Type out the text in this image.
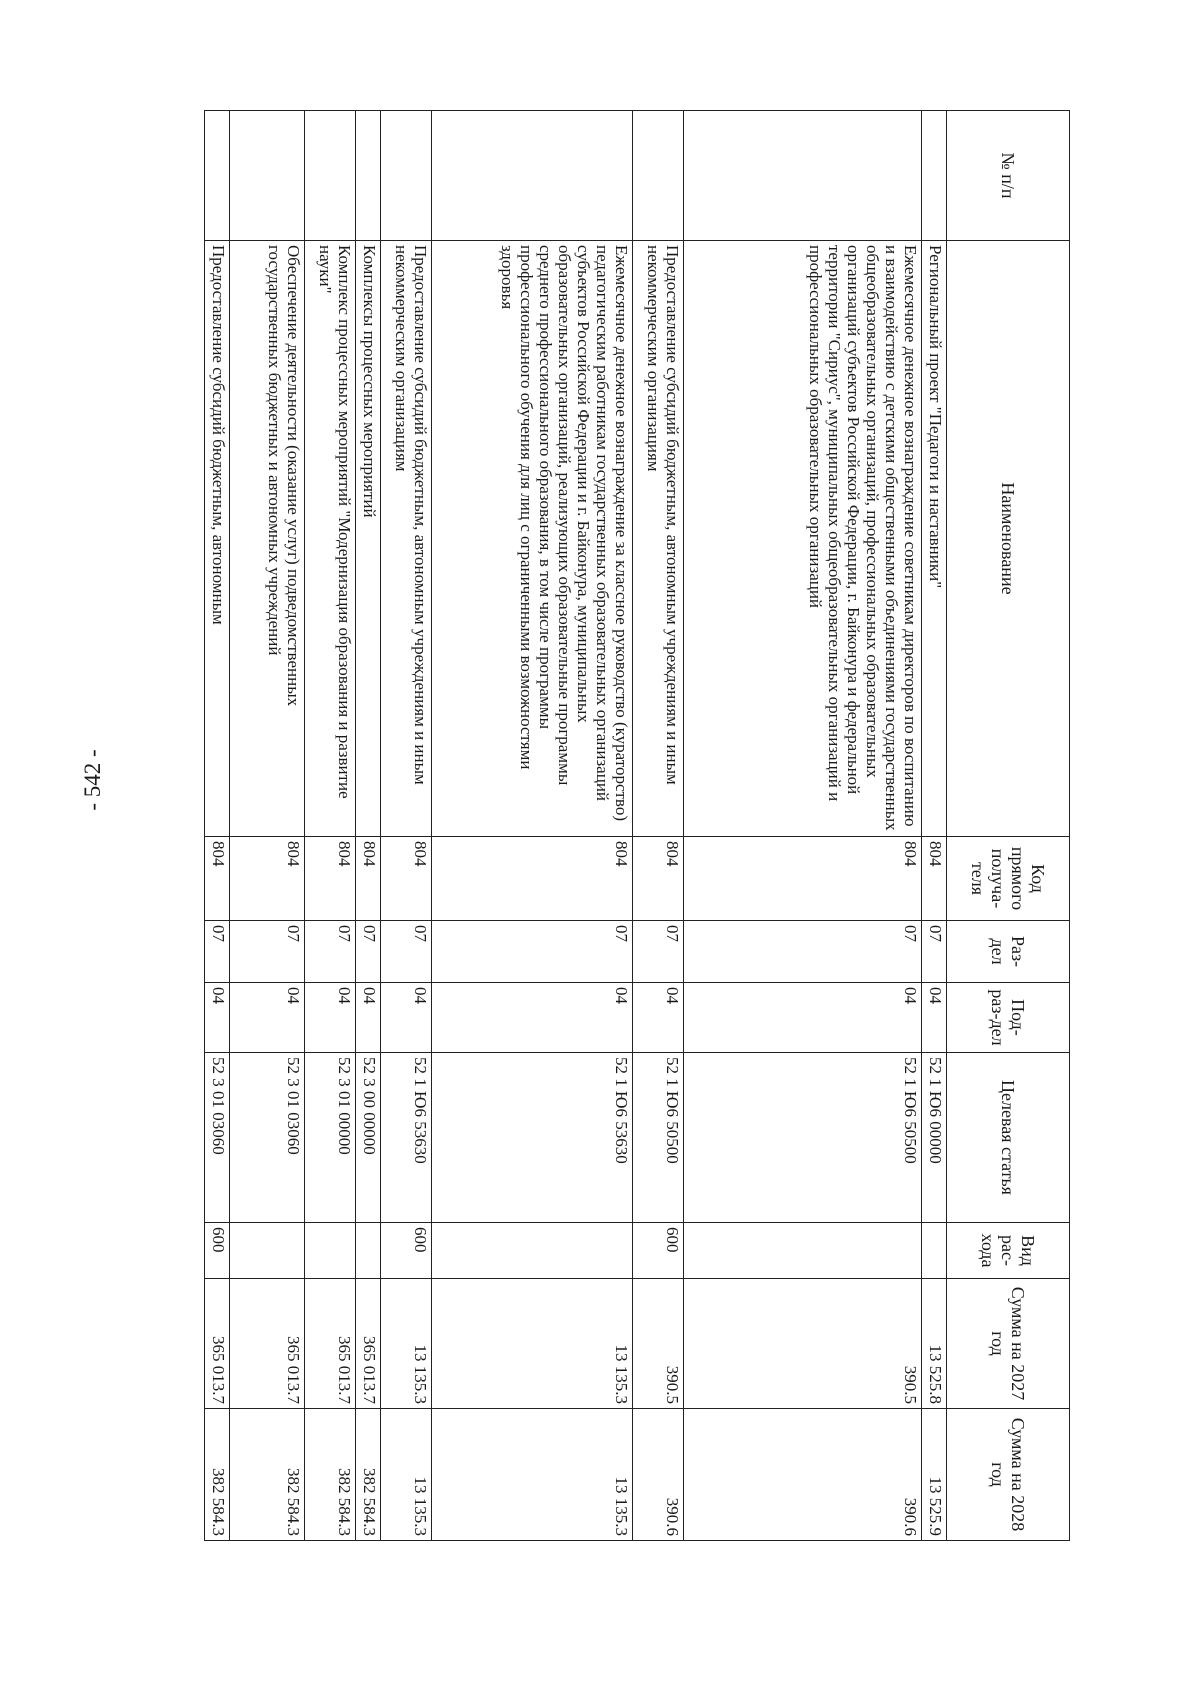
- 542 -
№ п/п	Наименование	Код прямого получа-теля	Раз-дел	Под-раз-дел	Целевая статья	Вид рас-хода	Сумма на 2027 год	Сумма на 2028 год
	Региональный проект "Педагоги и наставники"	804	07	04	52 1 Ю6 00000		13 525.8	13 525.9
	Ежемесячное денежное вознаграждение советникам директоров по воспитанию и взаимодействию с детскими общественными объединениями государственных общеобразовательных организаций, профессиональных образовательных организаций субъектов Российской Федерации, г. Байконура и федеральной территории "Сириус", муниципальных общеобразовательных организаций и профессиональных образовательных организаций	804	07	04	52 1 Ю6 50500		390.5	390.6
	Предоставление субсидий бюджетным, автономным учреждениям и иным некоммерческим организациям	804	07	04	52 1 Ю6 50500	600	390.5	390.6
	Ежемесячное денежное вознаграждение за классное руководство (кураторство) педагогическим работникам государственных образовательных организаций субъектов Российской Федерации и г. Байконура, муниципальных образовательных организаций, реализующих образовательные программы среднего профессионального образования, в том числе программы профессионального обучения для лиц с ограниченными возможностями здоровья	804	07	04	52 1 Ю6 53630		13 135.3	13 135.3
	Предоставление субсидий бюджетным, автономным учреждениям и иным некоммерческим организациям	804	07	04	52 1 Ю6 53630	600	13 135.3	13 135.3
	Комплексы процессных мероприятий	804	07	04	52 3 00 00000		365 013.7	382 584.3
	Комплекс процессных мероприятий "Модернизация образования и развитие науки"	804	07	04	52 3 01 00000		365 013.7	382 584.3
	Обеспечение деятельности (оказание услуг) подведомственных государственных бюджетных и автономных учреждений	804	07	04	52 3 01 03060		365 013.7	382 584.3
	Предоставление субсидий бюджетным, автономным	804	07	04	52 3 01 03060	600	365 013.7	382 584.3
